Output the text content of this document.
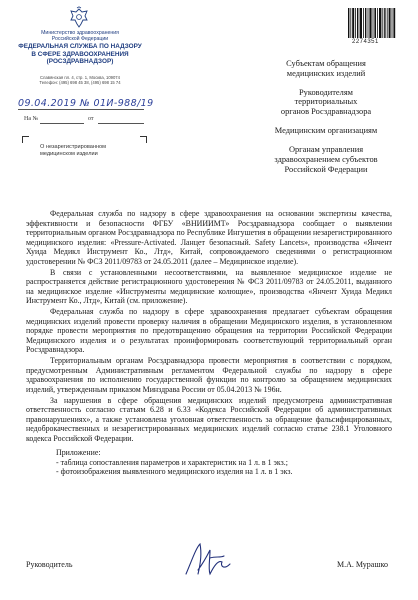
Министерство здравоохранения
Российской Федерации
ФЕДЕРАЛЬНАЯ СЛУЖБА ПО НАДЗОРУ
В СФЕРЕ ЗДРАВООХРАНЕНИЯ
(РОСЗДРАВНАДЗОР)
Славянская пл. 4, стр. 1, Москва, 109074
Телефон: (495) 698 45 38, (495) 698 15 74
09.04.2019 № 01И-988/19
На №	от
О незарегистрированном
медицинском изделии
2274351
Субъектам обращения
медицинских изделий
Руководителям
территориальных
органов Росздравнадзора
Медицинским организациям
Органам управления
здравоохранением субъектов
Российской Федерации

Федеральная служба по надзору в сфере здравоохранения на основании экспертизы качества, эффективности и безопасности ФГБУ «ВНИИИМТ» Росздравнадзора сообщает о выявлении территориальным органом Росздравнадзора по Республике Ингушетия в обращении незарегистрированного медицинского изделия: «Pressure-Activated. Ланцет безопасный. Safety Lancets», производства «Янчент Хуида Медикл Инструмент Ко., Лтд», Китай, сопровождаемого сведениями о регистрационном удостоверении № ФСЗ 2011/09783 от 24.05.2011 (далее – Медицинское изделие).

В связи с установленными несоответствиями, на выявленное медицинское изделие не распространяется действие регистрационного удостоверения № ФСЗ 2011/09783 от 24.05.2011, выданного на медицинское изделие «Инструменты медицинские колющие», производства «Янчент Хуида Медикл Инструмент Ко., Лтд», Китай (см. приложение).

Федеральная служба по надзору в сфере здравоохранения предлагает субъектам обращения медицинских изделий провести проверку наличия в обращении Медицинского изделия, в установленном порядке провести мероприятия по предотвращению обращения на территории Российской Федерации Медицинского изделия и о результатах проинформировать соответствующий территориальный орган Росздравнадзора.

Территориальным органам Росздравнадзора провести мероприятия в соответствии с порядком, предусмотренным Административным регламентом Федеральной службы по надзору в сфере здравоохранения по исполнению государственной функции по контролю за обращением медицинских изделий, утвержденным приказом Минздрава России от 05.04.2013 № 196н.

За нарушения в сфере обращения медицинских изделий предусмотрена административная ответственность согласно статьям 6.28 и 6.33 «Кодекса Российской Федерации об административных правонарушениях», а также установлена уголовная ответственность за обращение фальсифицированных, недоброкачественных и незарегистрированных медицинских изделий согласно статье 238.1 Уголовного кодекса Российской Федерации.

Приложение:
- таблица сопоставления параметров и характеристик на 1 л. в 1 экз.;
- фотоизображения выявленного медицинского изделия на 1 л. в 1 экз.
Руководитель	М.А. Мурашко
